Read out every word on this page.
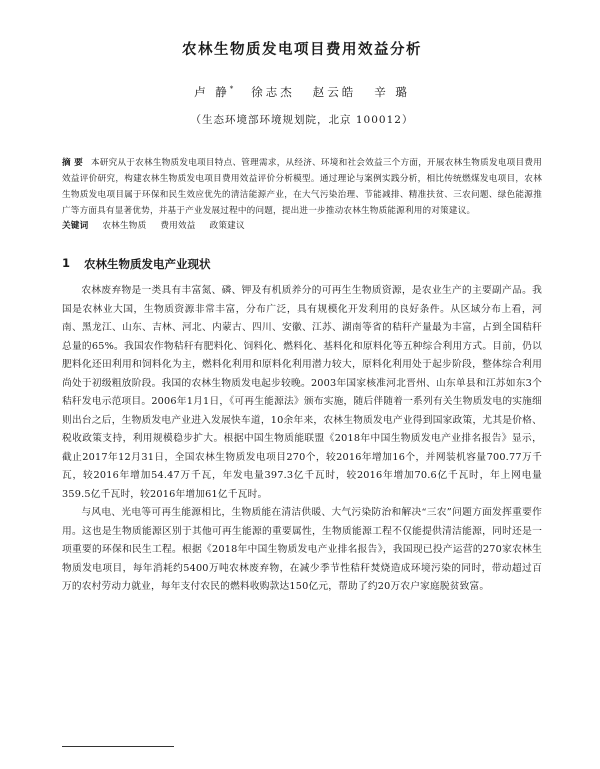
农林生物质发电项目费用效益分析
卢 静* 徐志杰 赵云皓 辛 璐
（生态环境部环境规划院，北京 100012）
摘 要 本研究从于农林生物质发电项目特点、管理需求，从经济、环境和社会效益三个方面，开展农林生物质发电项目费用效益评价研究，构建农林生物质发电项目费用效益评价分析模型。通过理论与案例实践分析，相比传统燃煤发电项目，农林生物质发电项目属于环保和民生效应优先的清洁能源产业，在大气污染治理、节能减排、精准扶贫、三农问题、绿色能源推广等方面具有显著优势，并基于产业发展过程中的问题，提出进一步推动农林生物质能源利用的对策建议。
关键词 农林生物质 费用效益 政策建议
1 农林生物质发电产业现状

农林废弃物是一类具有丰富氮、磷、钾及有机质养分的可再生生物质资源，是农业生产的主要副产品。我国是农林业大国，生物质资源非常丰富，分布广泛，具有规模化开发利用的良好条件。从区域分布上看，河南、黑龙江、山东、吉林、河北、内蒙古、四川、安徽、江苏、湖南等省的秸秆产量最为丰富，占到全国秸秆总量的65%。我国农作物秸秆有肥料化、饲料化、燃料化、基料化和原料化等五种综合利用方式。目前，仍以肥料化还田利用和饲料化为主，燃料化利用和原料化利用潜力较大，原料化利用处于起步阶段，整体综合利用尚处于初级粗放阶段。我国的农林生物质发电起步较晚。2003年国家核准河北晋州、山东单县和江苏如东3个秸秆发电示范项目。2006年1月1日，《可再生能源法》颁布实施，随后伴随着一系列有关生物质发电的实施细则出台之后，生物质发电产业进入发展快车道，10余年来，农林生物质发电产业得到国家政策，尤其是价格、税收政策支持，利用规模稳步扩大。根据中国生物质能联盟《2018年中国生物质发电产业排名报告》显示，截止2017年12月31日，全国农林生物质发电项目270个，较2016年增加16个，并网装机容量700.77万千瓦，较2016年增加54.47万千瓦，年发电量397.3亿千瓦时，较2016年增加70.6亿千瓦时，年上网电量359.5亿千瓦时，较2016年增加61亿千瓦时。

与风电、光电等可再生能源相比，生物质能在清洁供暖、大气污染防治和解决“三农”问题方面发挥重要作用。这也是生物质能源区别于其他可再生能源的重要属性，生物质能源工程不仅能提供清洁能源，同时还是一项重要的环保和民生工程。根据《2018年中国生物质发电产业排名报告》，我国现已投产运营的270家农林生物质发电项目，每年消耗约5400万吨农林废弃物，在减少季节性秸秆焚烧造成环境污染的同时，带动超过百万的农村劳动力就业，每年支付农民的燃料收购款达150亿元，帮助了约20万农户家庭脱贫致富。
